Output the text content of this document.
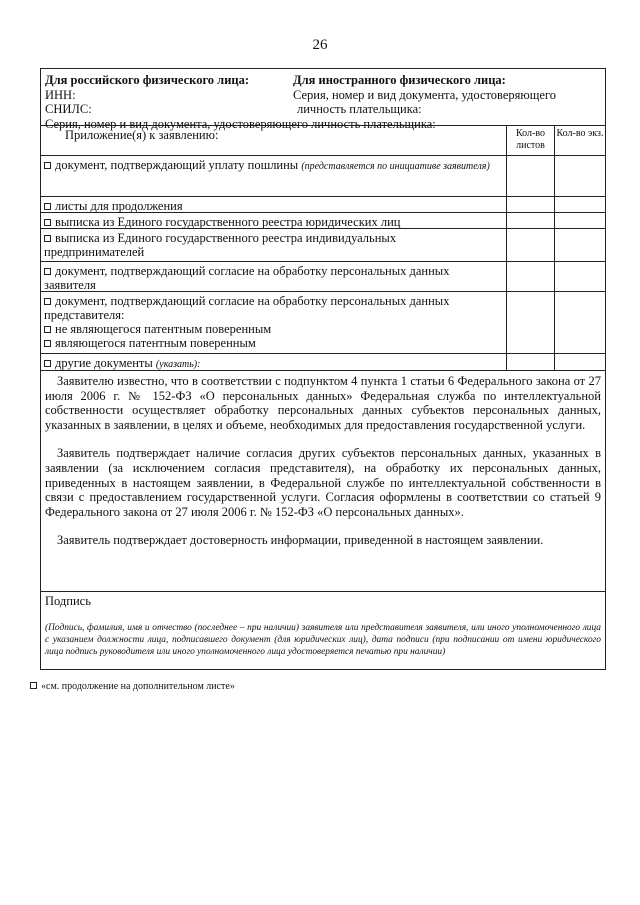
26
Для российского физического лица:
ИНН:
СНИЛС:
Серия, номер и вид документа, удостоверяющего личность плательщика:
Для иностранного физического лица:
Серия, номер и вид документа, удостоверяющего
личность плательщика:
Приложение(я) к заявлению:	Кол-во листов
Кол-во экз.
документ, подтверждающий уплату пошлины (представляется по инициативе заявителя)
листы для продолжения
выписка из Единого государственного реестра юридических лиц
выписка из Единого государственного реестра индивидуальных предпринимателей
документ, подтверждающий согласие на обработку персональных данных заявителя
документ, подтверждающий согласие на обработку персональных данных представителя:
не являющегося патентным поверенным
являющегося патентным поверенным
другие документы (указать):

Заявителю известно, что в соответствии с подпунктом 4 пункта 1 статьи 6 Федерального закона от 27 июля 2006 г. № 152-ФЗ «О персональных данных» Федеральная служба по интеллектуальной собственности осуществляет обработку персональных данных субъектов персональных данных, указанных в заявлении, в целях и объеме, необходимых для предоставления государственной услуги.

Заявитель подтверждает наличие согласия других субъектов персональных данных, указанных в заявлении (за исключением согласия представителя), на обработку их персональных данных, приведенных в настоящем заявлении, в Федеральной службе по интеллектуальной собственности в связи с предоставлением государственной услуги. Согласия оформлены в соответствии со статьей 9 Федерального закона от 27 июля 2006 г. № 152-ФЗ «О персональных данных».

Заявитель подтверждает достоверность информации, приведенной в настоящем заявлении.

Подпись
(Подпись, фамилия, имя и отчество (последнее – при наличии) заявителя или представителя заявителя, или иного уполномоченного лица с указанием должности лица, подписавшего документ (для юридических лиц), дата подписи (при подписании от имени юридического лица подпись руководителя или иного уполномоченного лица удостоверяется печатью при наличии)
«см. продолжение на дополнительном листе»
